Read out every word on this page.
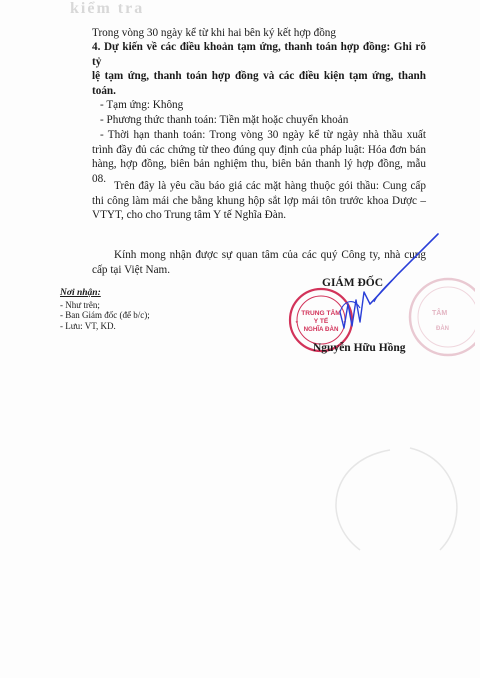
kiểm tra
Trong vòng 30 ngày kể từ khi hai bên ký kết hợp đồng
4. Dự kiến về các điều khoản tạm ứng, thanh toán hợp đồng: Ghi rõ tỷ
lệ tạm ứng, thanh toán hợp đồng và các điều kiện tạm ứng, thanh toán.
- Tạm ứng: Không
- Phương thức thanh toán: Tiền mặt hoặc chuyển khoản
- Thời hạn thanh toán: Trong vòng 30 ngày kể từ ngày nhà thầu xuất trình đầy đủ các chứng từ theo đúng quy định của pháp luật: Hóa đơn bán hàng, hợp đồng, biên bản nghiệm thu, biên bản thanh lý hợp đồng, mẫu 08.
Trên đây là yêu cầu báo giá các mặt hàng thuộc gói thầu: Cung cấp thi công làm mái che bằng khung hộp sắt lợp mái tôn trước khoa Dược – VTYT, cho cho Trung tâm Y tế Nghĩa Đàn.
Kính mong nhận được sự quan tâm của các quý Công ty, nhà cung cấp tại Việt Nam.
Nơi nhận:
- Như trên;
- Ban Giám đốc (để b/c);
- Lưu: VT, KD.
TÂM
ĐÀN
GIÁM ĐỐC
TRUNG TÂM
Y TẾ
NGHĨA ĐÀN
★	★
Nguyễn Hữu Hồng
